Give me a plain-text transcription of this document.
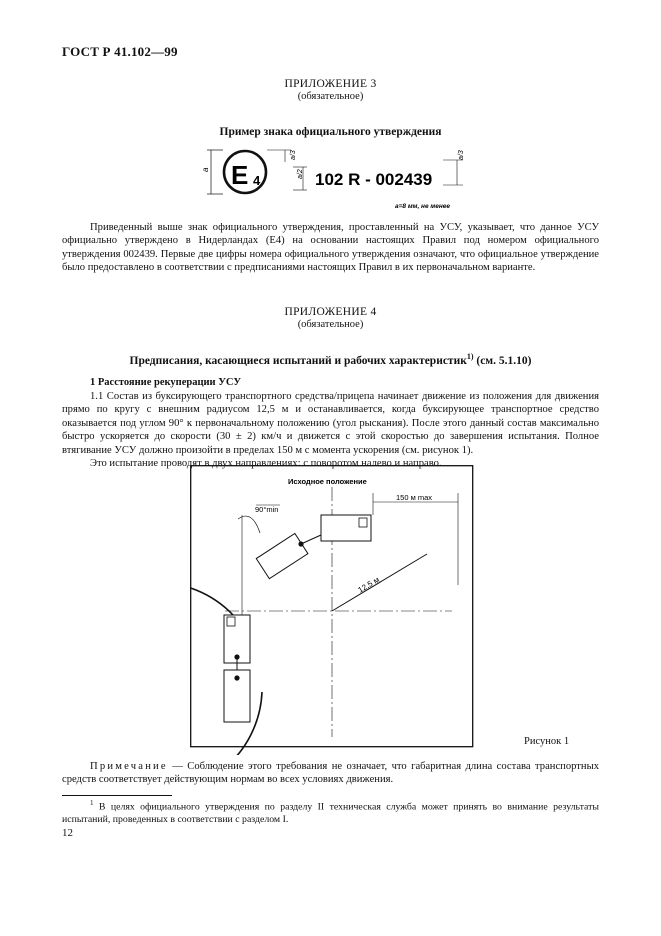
ГОСТ Р 41.102—99
ПРИЛОЖЕНИЕ 3
(обязательное)
Пример знака официального утверждения
a E 4
a/3
a/2 102 R - 002439
a/3
a=8 мм, не менее

Приведенный выше знак официального утверждения, проставленный на УСУ, указывает, что данное УСУ официально утверждено в Нидерландах (Е4) на основании настоящих Правил под номером официального утверждения 002439. Первые две цифры номера официального утверждения означают, что официальное утверждение было предоставлено в соответствии с предписаниями настоящих Правил в их первоначальном варианте.

ПРИЛОЖЕНИЕ 4
(обязательное)
Предписания, касающиеся испытаний и рабочих характеристик$^{1)}$ (см. 5.1.10)
1 Расстояние рекуперации УСУ

1.1 Состав из буксирующего транспортного средства/прицепа начинает движение из положения для движения прямо по кругу с внешним радиусом 12,5 м и останавливается, когда буксирующее транспортное средство оказывается под углом 90° к первоначальному положению (угол рыскания). После этого данный состав максимально быстро ускоряется до скорости (30 ± 2) км/ч и движется с этой скоростью до завершения испытания. Полное втягивание УСУ должно произойти в пределах 150 м с момента ускорения (см. рисунок 1).

Это испытание проводят в двух направлениях: с поворотом налево и направо.

12,5 м
Исходное положение
150 м max
90°min
Рисунок 1
Примечание — Соблюдение этого требования не означает, что габаритная длина состава транспортных средств соответствует действующим нормам во всех условиях движения.
$^1$ В целях официального утверждения по разделу II техническая служба может принять во внимание результаты испытаний, проведенных в соответствии с разделом I.
12
